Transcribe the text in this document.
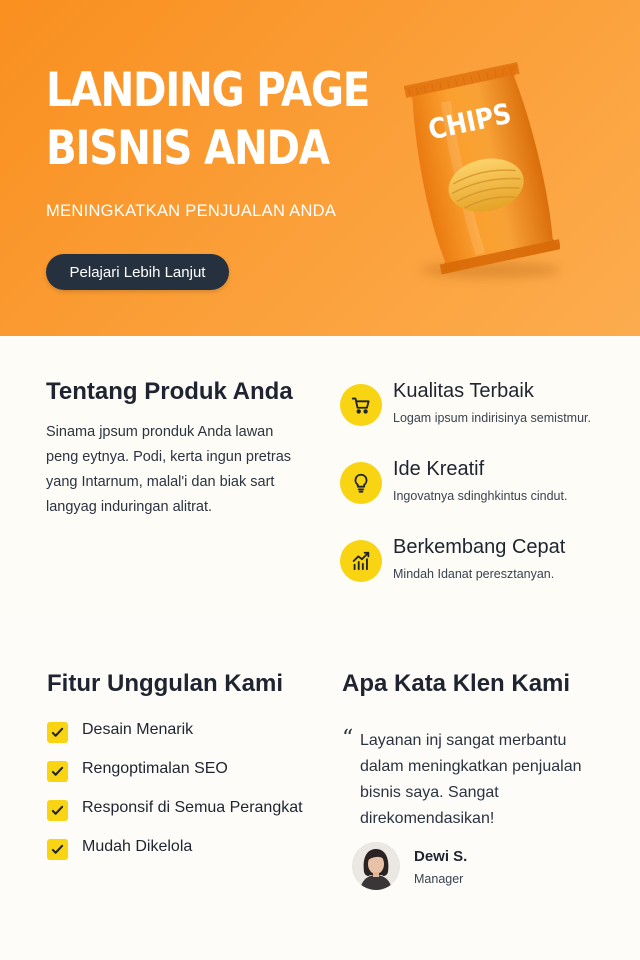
LANDING PAGE
BISNIS ANDA

MENINGKATKAN PENJUALAN ANDA

Pelajari Lebih Lanjut
CHIPS
Tentang Produk Anda
Sinama jpsum pronduk Anda lawan
peng eytnya. Podi, kerta ingun pretras
yang Intarnum, malal'i dan biak sart
langyag induringan alitrat.
Kualitas Terbaik
Logam ipsum indirisinya semistmur.
Ide Kreatif
Ingovatnya sdinghkintus cindut.
Berkembang Cepat
Mindah Idanat peresztanyan.
Fitur Unggulan Kami
Desain Menarik
Rengoptimalan SEO
Responsif di Semua Perangkat
Mudah Dikelola
Apa Kata Klen Kami
“ Layanan inj sangat merbantu
dalam meningkatkan penjualan
bisnis saya. Sangat
direkomendasikan!
Dewi S.
Manager
